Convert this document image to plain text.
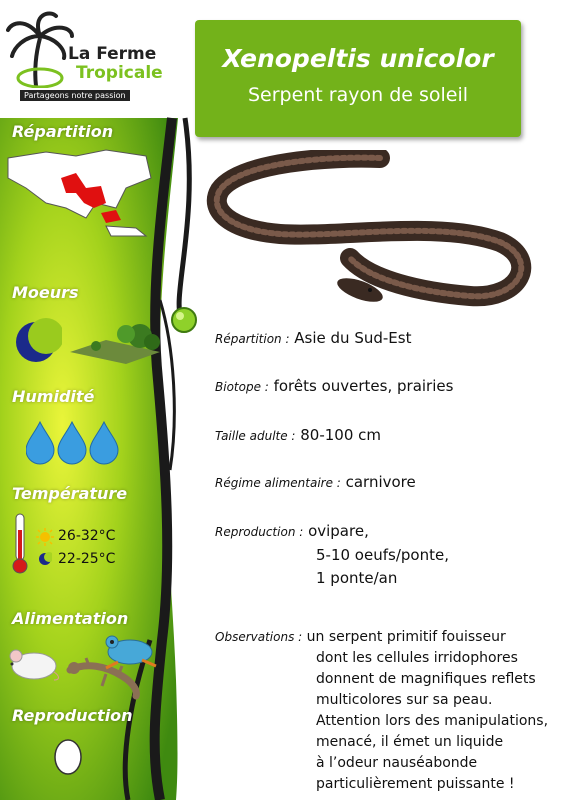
La Ferme
Tropicale
Partageons notre passion
Répartition
Moeurs
Humidité
Température
26-32°C
22-25°C
Alimentation
Reproduction
Xenopeltis unicolor
Serpent rayon de soleil
Répartition : Asie du Sud-Est
Biotope : forêts ouvertes, prairies
Taille adulte : 80-100 cm
Régime alimentaire : carnivore
Reproduction : ovipare,
5-10 oeufs/ponte,
1 ponte/an
Observations : un serpent primitif fouisseur
dont les cellules irridophores
donnent de magnifiques reflets
multicolores sur sa peau.
Attention lors des manipulations,
menacé, il émet un liquide
à l’odeur nauséabonde
particulièrement puissante !
